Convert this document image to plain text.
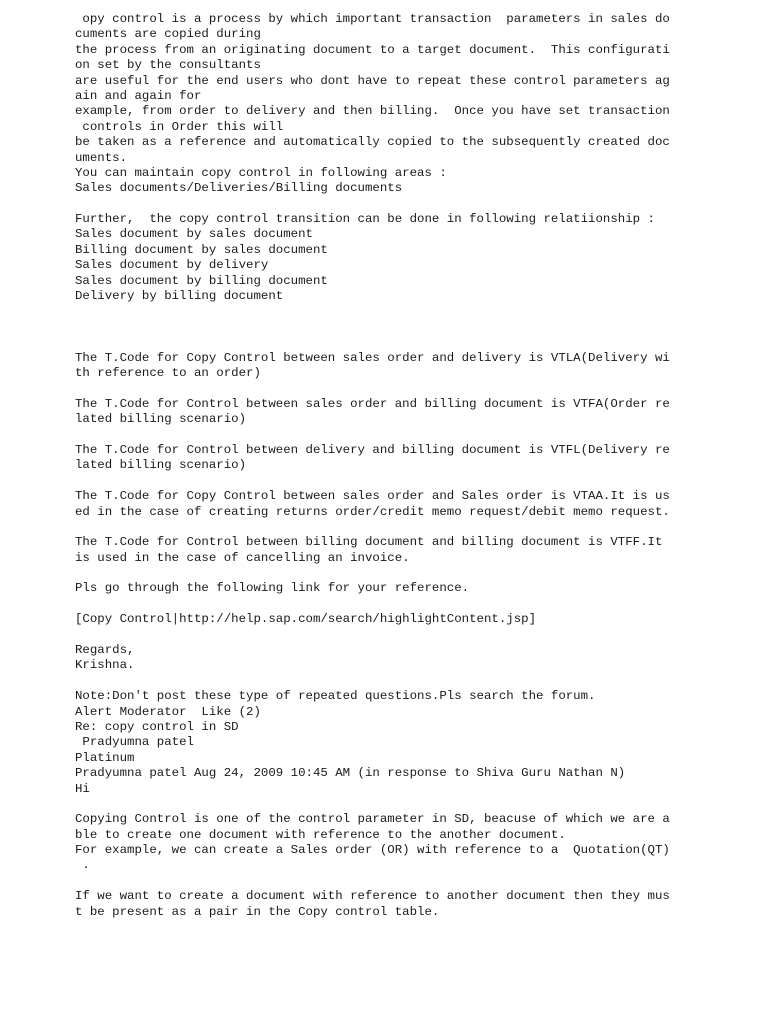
opy control is a process by which important transaction  parameters in sales do
cuments are copied during
the process from an originating document to a target document.  This configurati
on set by the consultants
are useful for the end users who dont have to repeat these control parameters ag
ain and again for
example, from order to delivery and then billing.  Once you have set transaction
controls in Order this will
be taken as a reference and automatically copied to the subsequently created doc
uments.
You can maintain copy control in following areas :
Sales documents/Deliveries/Billing documents
Further,  the copy control transition can be done in following relatiionship :
Sales document by sales document
Billing document by sales document
Sales document by delivery
Sales document by billing document
Delivery by billing document
The T.Code for Copy Control between sales order and delivery is VTLA(Delivery wi
th reference to an order)
The T.Code for Control between sales order and billing document is VTFA(Order re
lated billing scenario)
The T.Code for Control between delivery and billing document is VTFL(Delivery re
lated billing scenario)
The T.Code for Copy Control between sales order and Sales order is VTAA.It is us
ed in the case of creating returns order/credit memo request/debit memo request.
The T.Code for Control between billing document and billing document is VTFF.It
is used in the case of cancelling an invoice.
Pls go through the following link for your reference.
[Copy Control|http://help.sap.com/search/highlightContent.jsp]
Regards,
Krishna.
Note:Don't post these type of repeated questions.Pls search the forum.
Alert Moderator  Like (2)
Re: copy control in SD
Pradyumna patel
Platinum
Pradyumna patel Aug 24, 2009 10:45 AM (in response to Shiva Guru Nathan N)
Hi
Copying Control is one of the control parameter in SD, beacuse of which we are a
ble to create one document with reference to the another document.
For example, we can create a Sales order (OR) with reference to a  Quotation(QT)
.
If we want to create a document with reference to another document then they mus
t be present as a pair in the Copy control table.
